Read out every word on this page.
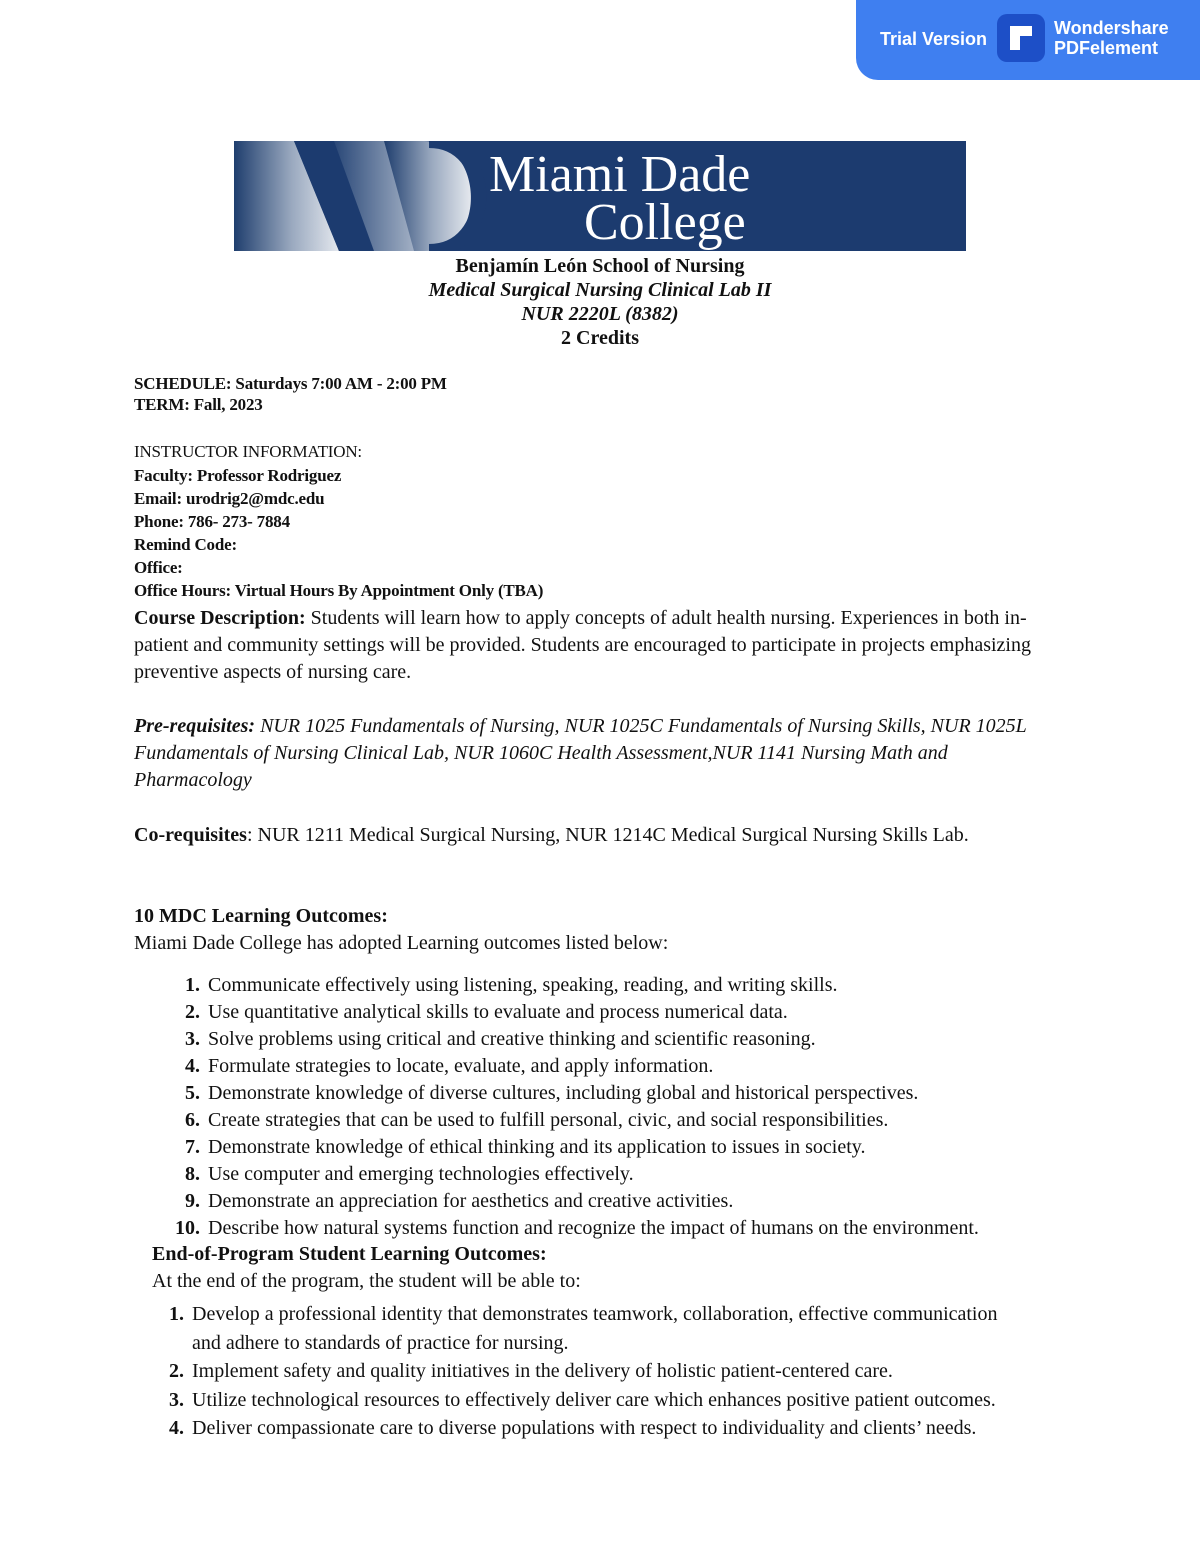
Trial Version
Wondershare
PDFelement
Miami Dade
College
Benjamín León School of Nursing
Medical Surgical Nursing Clinical Lab II
NUR 2220L (8382)
2 Credits
SCHEDULE: Saturdays 7:00 AM - 2:00 PM
TERM: Fall, 2023
INSTRUCTOR INFORMATION:
Faculty: Professor Rodriguez
Email: urodrig2@mdc.edu
Phone: 786- 273- 7884
Remind Code:
Office:
Office Hours: Virtual Hours By Appointment Only (TBA)
Course Description: Students will learn how to apply concepts of adult health nursing. Experiences in both in-patient and community settings will be provided. Students are encouraged to participate in projects emphasizing preventive aspects of nursing care.
Pre-requisites: NUR 1025 Fundamentals of Nursing, NUR 1025C Fundamentals of Nursing Skills, NUR 1025L Fundamentals of Nursing Clinical Lab, NUR 1060C Health Assessment,NUR 1141 Nursing Math and Pharmacology
Co-requisites: NUR 1211 Medical Surgical Nursing, NUR 1214C Medical Surgical Nursing Skills Lab.
10 MDC Learning Outcomes:
Miami Dade College has adopted Learning outcomes listed below:
1. Communicate effectively using listening, speaking, reading, and writing skills.
2. Use quantitative analytical skills to evaluate and process numerical data.
3. Solve problems using critical and creative thinking and scientific reasoning.
4. Formulate strategies to locate, evaluate, and apply information.
5. Demonstrate knowledge of diverse cultures, including global and historical perspectives.
6. Create strategies that can be used to fulfill personal, civic, and social responsibilities.
7. Demonstrate knowledge of ethical thinking and its application to issues in society.
8. Use computer and emerging technologies effectively.
9. Demonstrate an appreciation for aesthetics and creative activities.
10. Describe how natural systems function and recognize the impact of humans on the environment.
End-of-Program Student Learning Outcomes:
At the end of the program, the student will be able to:
1. Develop a professional identity that demonstrates teamwork, collaboration, effective communication and adhere to standards of practice for nursing.
2. Implement safety and quality initiatives in the delivery of holistic patient-centered care.
3. Utilize technological resources to effectively deliver care which enhances positive patient outcomes.
4. Deliver compassionate care to diverse populations with respect to individuality and clients’ needs.
